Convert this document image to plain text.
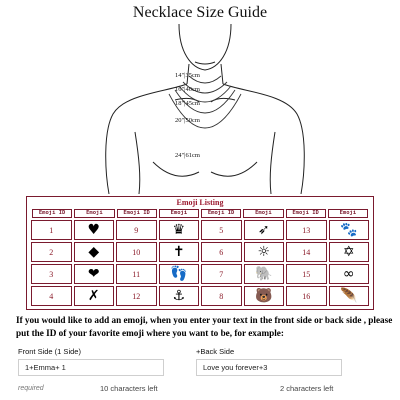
Necklace Size Guide
14"|35cm
16"|40cm
18"|45cm
20"|50cm
24"|61cm
Emoji Listing
Emoji ID	Emoji	Emoji ID	Emoji	Emoji ID	Emoji	Emoji ID	Emoji
1	♥	9	♛	5	➶	13	🐾
2	◆	10	✝	6	☼	14	✡
3	❤	11	👣	7	🐘	15	∞
4	✗	12	⚓	8	🐻	16	🪶
If you would like to add an emoji, when you enter your text in the front side or back side , please put the ID of your favorite emoji where you want to be, for example:
Front Side (1 Side)
1+Emma+ 1
required	10 characters left
+Back Side
Love you forever+3
2 characters left
